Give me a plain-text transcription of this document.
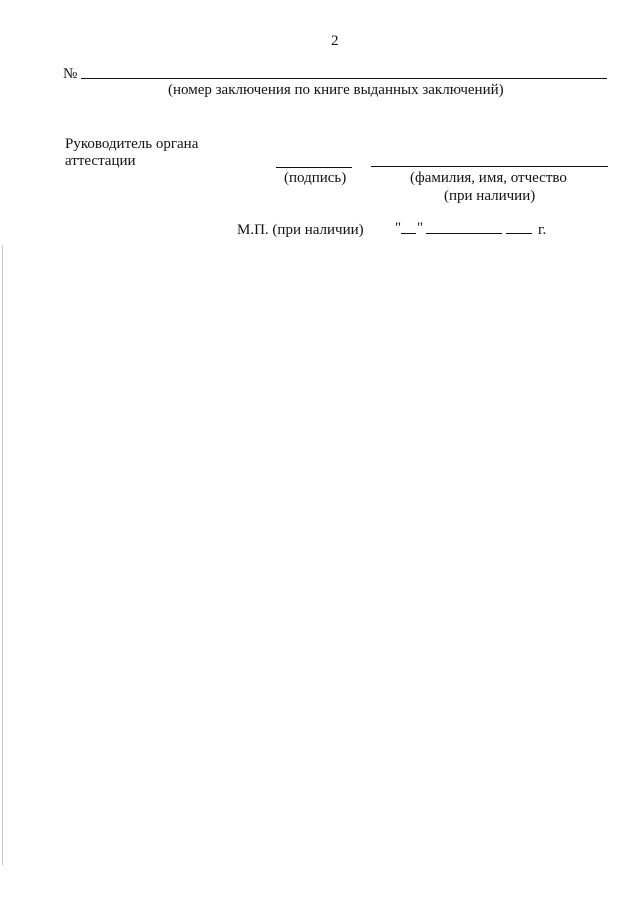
2
№
(номер заключения по книге выданных заключений)
Руководитель органа
аттестации
(подпись)	(фамилия, имя, отчество
(при наличии)
М.П. (при наличии) " "	г.
